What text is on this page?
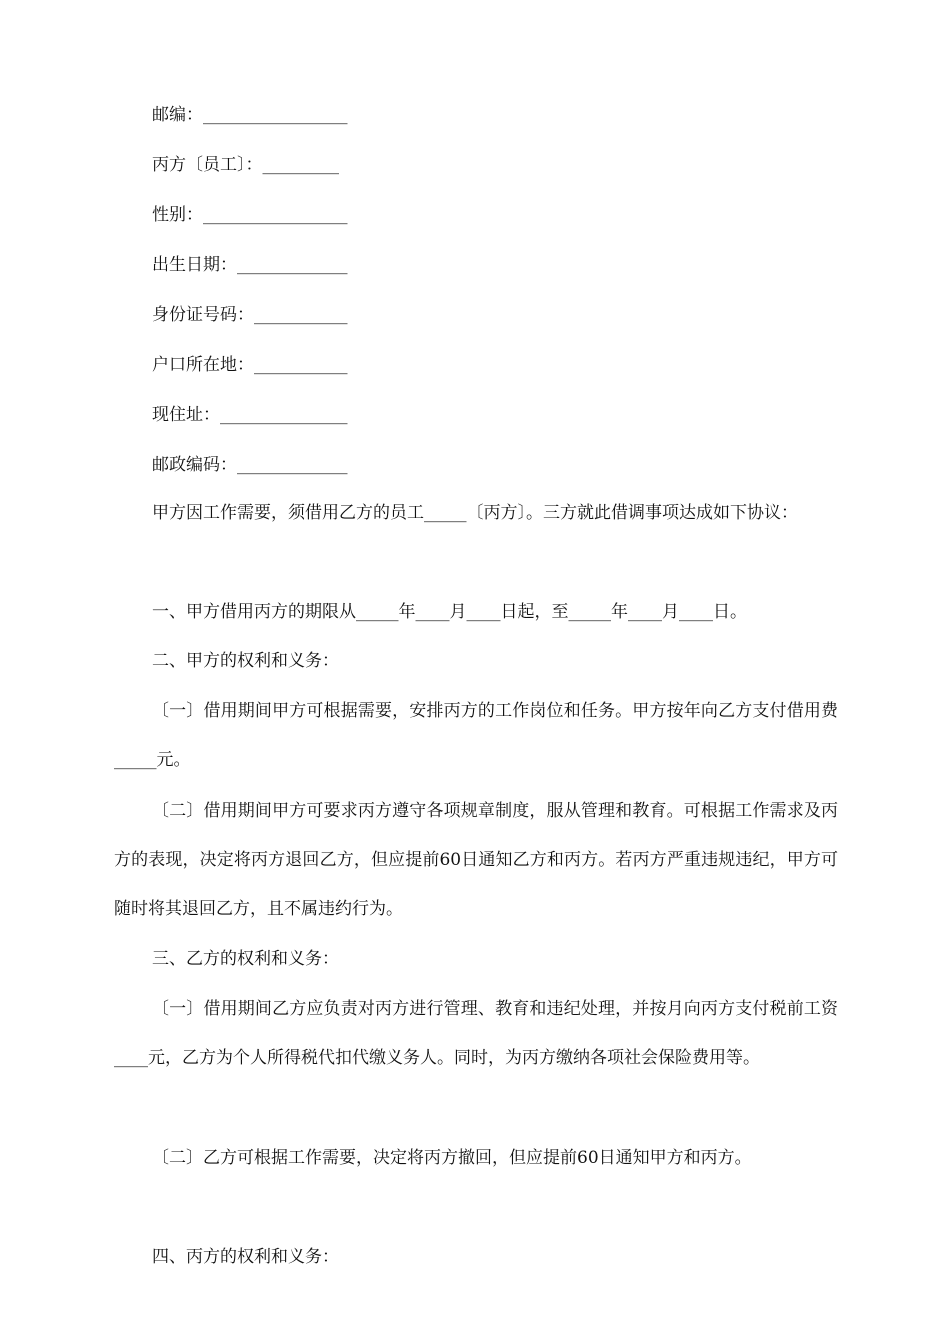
邮编：_________________
丙方〔员工〕：_________
性别：_________________
出生日期：_____________
身份证号码：___________
户口所在地：___________
现住址：_______________
邮政编码：_____________

甲方因工作需要，须借用乙方的员工_____〔丙方〕。三方就此借调事项达成如下协议：

一、甲方借用丙方的期限从_____年____月____日起，至_____年____月____日。

二、甲方的权利和义务：

〔一〕借用期间甲方可根据需要，安排丙方的工作岗位和任务。甲方按年向乙方支付借用费_____元。

〔二〕借用期间甲方可要求丙方遵守各项规章制度，服从管理和教育。可根据工作需求及丙方的表现，决定将丙方退回乙方，但应提前60日通知乙方和丙方。若丙方严重违规违纪，甲方可随时将其退回乙方，且不属违约行为。

三、乙方的权利和义务：

〔一〕借用期间乙方应负责对丙方进行管理、教育和违纪处理，并按月向丙方支付税前工资____元，乙方为个人所得税代扣代缴义务人。同时，为丙方缴纳各项社会保险费用等。

〔二〕乙方可根据工作需要，决定将丙方撤回，但应提前60日通知甲方和丙方。

四、丙方的权利和义务：
